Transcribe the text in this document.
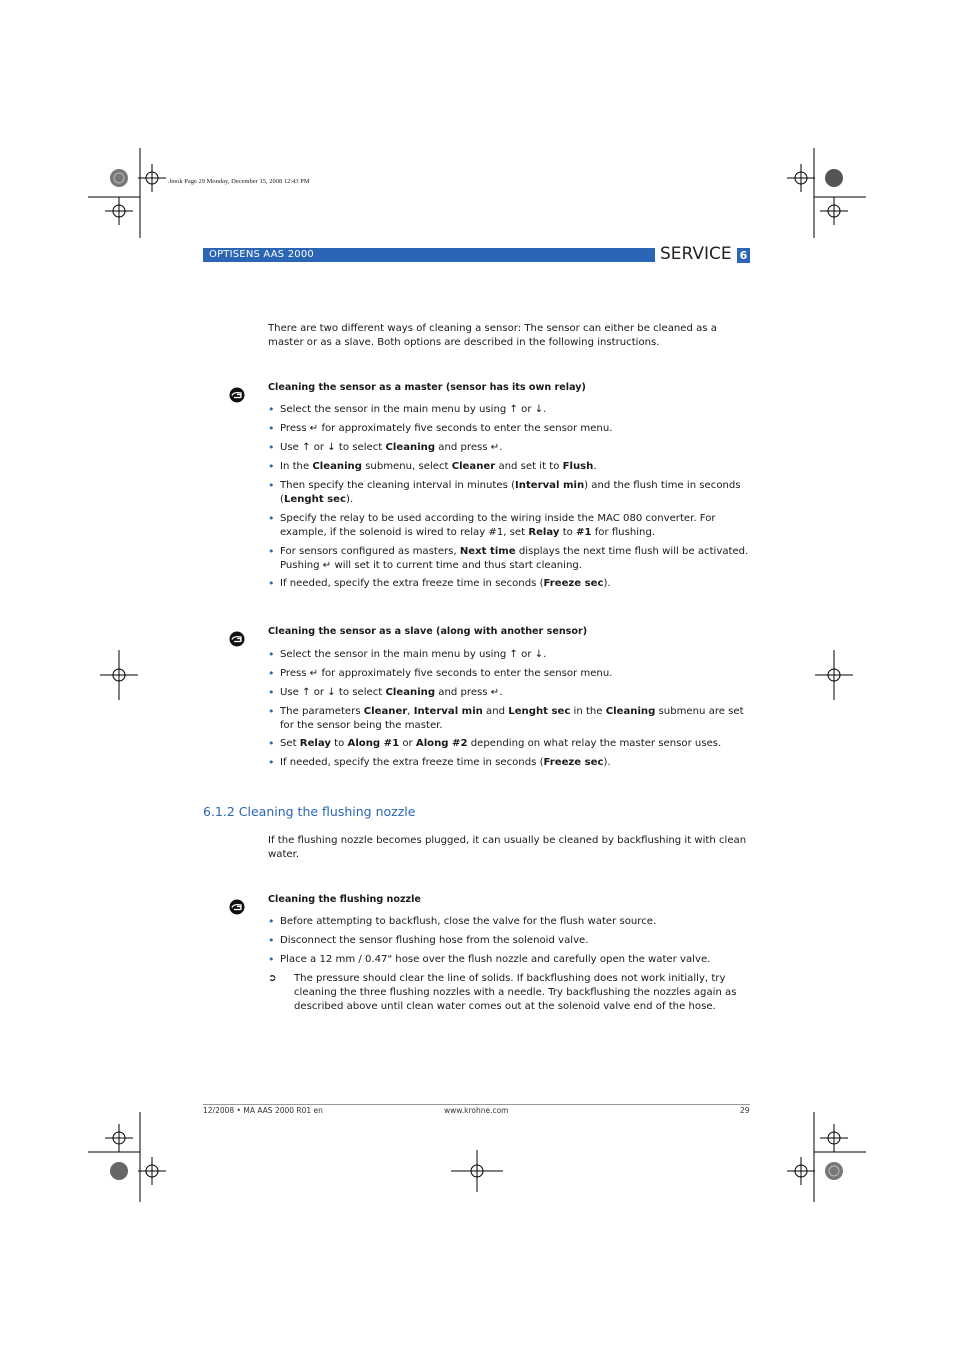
.book Page 29 Monday, December 15, 2008 12:43 PM
OPTISENS AAS 2000	SERVICE 6
There are two different ways of cleaning a sensor: The sensor can either be cleaned as a master or as a slave. Both options are described in the following instructions.
Cleaning the sensor as a master (sensor has its own relay)
• Select the sensor in the main menu by using ↑ or ↓.
• Press ↵ for approximately five seconds to enter the sensor menu.
• Use ↑ or ↓ to select Cleaning and press ↵.
• In the Cleaning submenu, select Cleaner and set it to Flush.
• Then specify the cleaning interval in minutes (Interval min) and the flush time in seconds (Lenght sec).
• Specify the relay to be used according to the wiring inside the MAC 080 converter. For example, if the solenoid is wired to relay #1, set Relay to #1 for flushing.
• For sensors configured as masters, Next time displays the next time flush will be activated. Pushing ↵ will set it to current time and thus start cleaning.
• If needed, specify the extra freeze time in seconds (Freeze sec).
Cleaning the sensor as a slave (along with another sensor)
• Select the sensor in the main menu by using ↑ or ↓.
• Press ↵ for approximately five seconds to enter the sensor menu.
• Use ↑ or ↓ to select Cleaning and press ↵.
• The parameters Cleaner, Interval min and Lenght sec in the Cleaning submenu are set for the sensor being the master.
• Set Relay to Along #1 or Along #2 depending on what relay the master sensor uses.
• If needed, specify the extra freeze time in seconds (Freeze sec).
6.1.2 Cleaning the flushing nozzle
If the flushing nozzle becomes plugged, it can usually be cleaned by backflushing it with clean water.
Cleaning the flushing nozzle
• Before attempting to backflush, close the valve for the flush water source.
• Disconnect the sensor flushing hose from the solenoid valve.
• Place a 12 mm / 0.47" hose over the flush nozzle and carefully open the water valve.
➲ The pressure should clear the line of solids. If backflushing does not work initially, try cleaning the three flushing nozzles with a needle. Try backflushing the nozzles again as described above until clean water comes out at the solenoid valve end of the hose.
12/2008 • MA AAS 2000 R01 en	www.krohne.com	29
